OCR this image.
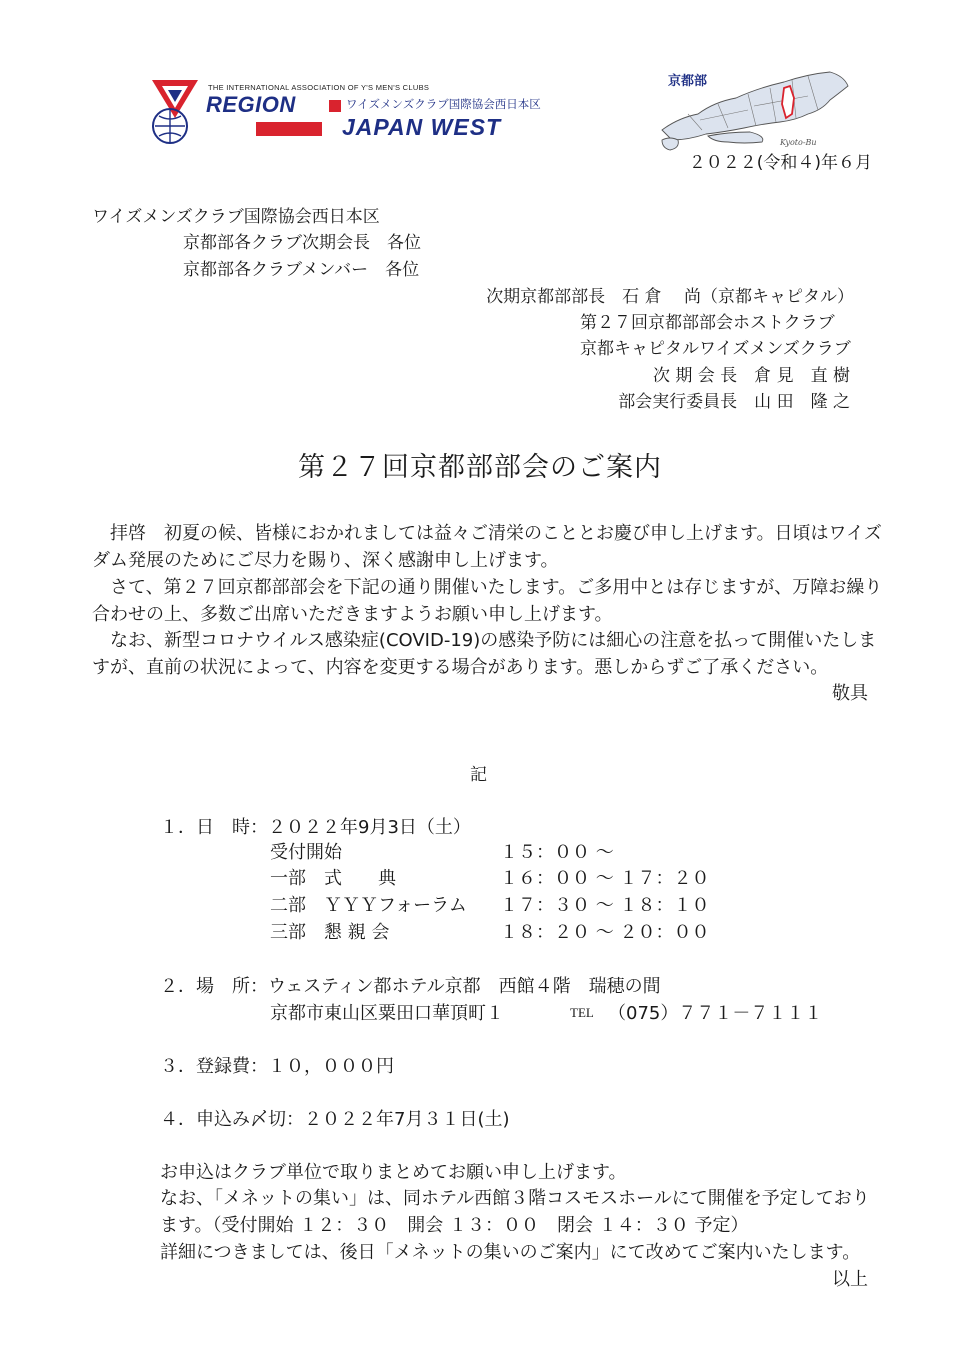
THE INTERNATIONAL ASSOCIATION OF Y'S MEN'S CLUBS
REGION	ワイズメンズクラブ国際協会西日本区
JAPAN WEST
京都部
Kyoto-Bu
２０２２(令和４)年６月
ワイズメンズクラブ国際協会西日本区
京都部各クラブ次期会長　各位
京都部各クラブメンバー　各位
次期京都部部長　石 倉　 尚（京都キャピタル）
第２７回京都部部会ホストクラブ
京都キャピタルワイズメンズクラブ
次 期 会 長　倉 見　直 樹
部会実行委員長　山 田　隆 之
第２７回京都部部会のご案内
　拝啓　初夏の候、皆様におかれましては益々ご清栄のこととお慶び申し上げます。日頃はワイズ
ダム発展のためにご尽力を賜り、深く感謝申し上げます。
　さて、第２７回京都部部会を下記の通り開催いたします。ご多用中とは存じますが、万障お繰り
合わせの上、多数ご出席いただきますようお願い申し上げます。
　なお、新型コロナウイルス感染症(COVID-19)の感染予防には細心の注意を払って開催いたしま
すが、直前の状況によって、内容を変更する場合があります。悪しからずご了承ください。
敬具
記
１．日　時：２０２２年9月3日（土）
受付開始	１５：００ ～
一部　式　　典	１６：００ ～ １７：２０
二部　ＹＹＹフォーラム １７：３０ ～ １８：１０
三部　懇 親 会	１８：２０ ～ ２０：００
２．場　所：ウェスティン都ホテル京都　西館４階　瑞穂の間
京都市東山区粟田口華頂町１	TEL （075）７７１－７１１１
３．登録費：１０，０００円
４．申込み〆切：２０２２年7月３１日(土)
お申込はクラブ単位で取りまとめてお願い申し上げます。
なお、「メネットの集い」は、同ホテル西館３階コスモスホールにて開催を予定しており
ます。（受付開始 １２：３０　開会 １３：００　閉会 １４：３０ 予定）
詳細につきましては、後日「メネットの集いのご案内」にて改めてご案内いたします。
以上
